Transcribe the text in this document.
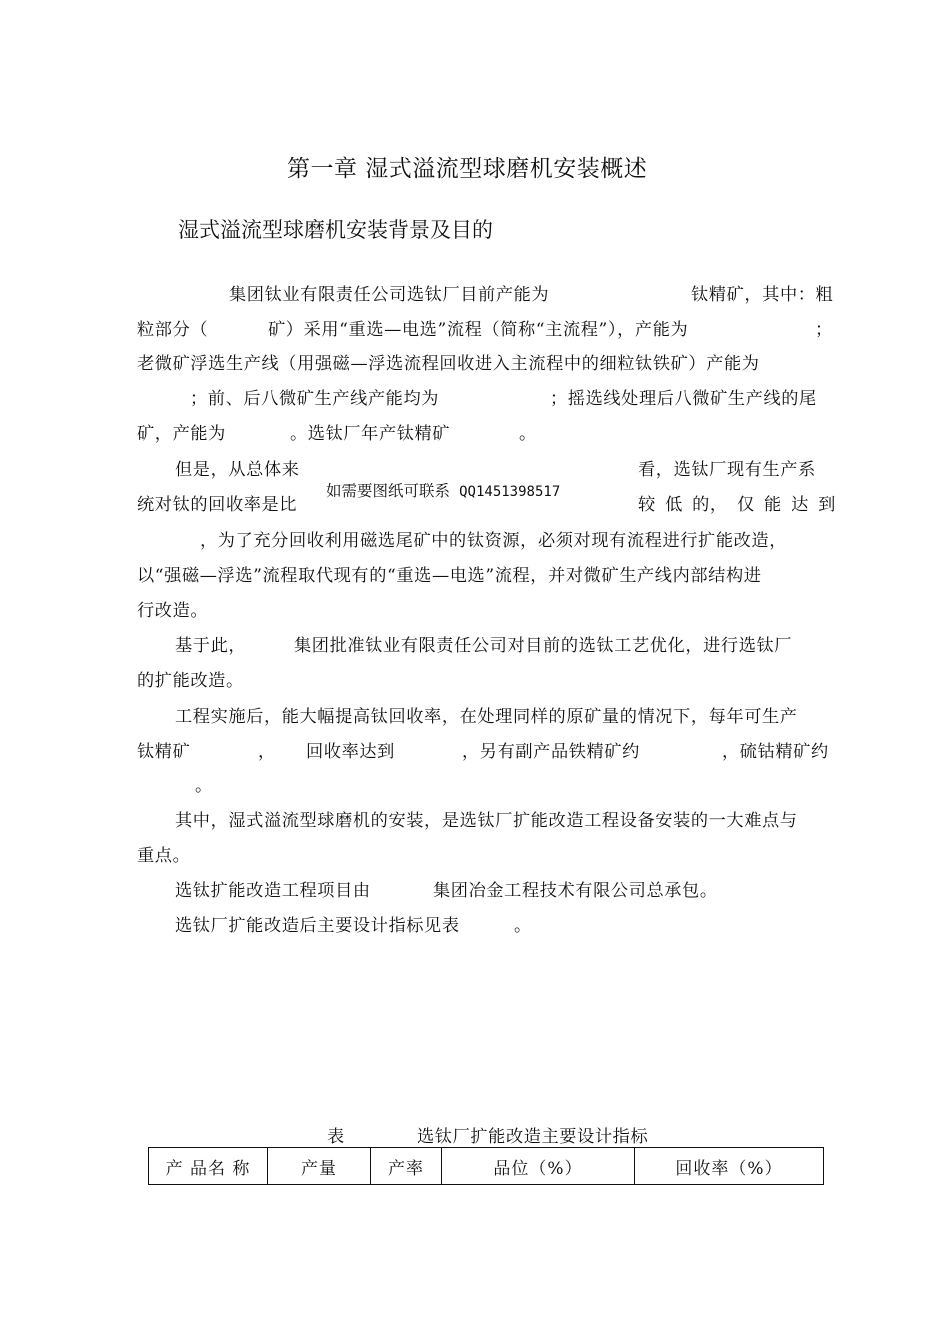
第一章 湿式溢流型球磨机安装概述
湿式溢流型球磨机安装背景及目的
集团钛业有限责任公司选钛厂目前产能为	钛精矿，其中：粗
粒部分（	矿）采用“重选—电选”流程（简称“主流程”），产能为	；
老微矿浮选生产线（用强磁—浮选流程回收进入主流程中的细粒钛铁矿）产能为
；前、后八微矿生产线产能均为	；摇选线处理后八微矿生产线的尾
矿，产能为	。选钛厂年产钛精矿	。
但是，从总体来	看，选钛厂现有生产系
统对钛的回收率是比	较 低 的， 仅 能 达 到
，为了充分回收利用磁选尾矿中的钛资源，必须对现有流程进行扩能改造，
以“强磁—浮选”流程取代现有的“重选—电选”流程，并对微矿生产线内部结构进
行改造。
如需要图纸可联系 QQ1451398517
基于此，	集团批准钛业有限责任公司对目前的选钛工艺优化，进行选钛厂
的扩能改造。
工程实施后，能大幅提高钛回收率，在处理同样的原矿量的情况下，每年可生产
钛精矿	， 回收率达到	，另有副产品铁精矿约	，硫钴精矿约
。
其中，湿式溢流型球磨机的安装，是选钛厂扩能改造工程设备安装的一大难点与
重点。
选钛扩能改造工程项目由	集团冶金工程技术有限公司总承包。
选钛厂扩能改造后主要设计指标见表	。
表	选钛厂扩能改造主要设计指标
产 品名 称	产量	产率	品位（%）	回收率（%）
